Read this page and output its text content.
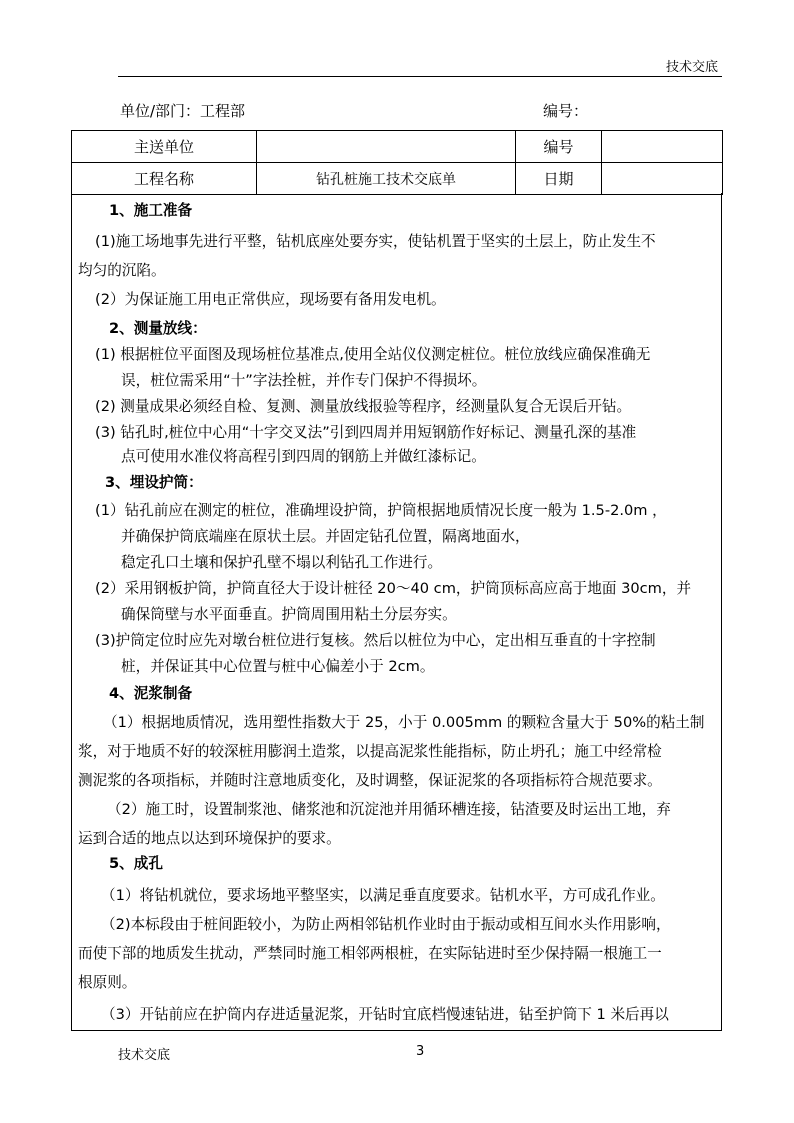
技术交底
单位/部门：工程部	编号：
主送单位		编号	
工程名称	钻孔桩施工技术交底单	日期	
1、施工准备
(1)施工场地事先进行平整，钻机底座处要夯实，使钻机置于坚实的土层上，防止发生不
均匀的沉陷。
(2）为保证施工用电正常供应，现场要有备用发电机。
2、测量放线：
(1) 根据桩位平面图及现场桩位基准点,使用全站仪仪测定桩位。桩位放线应确保准确无
误，桩位需采用“十”字法拴桩，并作专门保护不得损坏。
(2) 测量成果必须经自检、复测、测量放线报验等程序，经测量队复合无误后开钻。
(3) 钻孔时,桩位中心用“十字交叉法”引到四周并用短钢筋作好标记、测量孔深的基准
点可使用水准仪将高程引到四周的钢筋上并做红漆标记。
3、埋设护筒：
(1）钻孔前应在测定的桩位，准确埋设护筒，护筒根据地质情况长度一般为 1.5-2.0m ，
并确保护筒底端座在原状土层。并固定钻孔位置，隔离地面水，
稳定孔口土壤和保护孔壁不塌以利钻孔工作进行。
(2）采用钢板护筒，护筒直径大于设计桩径 20～40 cm，护筒顶标高应高于地面 30cm，并
确保筒壁与水平面垂直。护筒周围用粘土分层夯实。
(3)护筒定位时应先对墩台桩位进行复核。然后以桩位为中心，定出相互垂直的十字控制
桩，并保证其中心位置与桩中心偏差小于 2cm。
4、泥浆制备
（1）根据地质情况，选用塑性指数大于 25，小于 0.005mm 的颗粒含量大于 50%的粘土制
浆，对于地质不好的较深桩用膨润土造浆，以提高泥浆性能指标，防止坍孔；施工中经常检
测泥浆的各项指标，并随时注意地质变化，及时调整，保证泥浆的各项指标符合规范要求。
（2）施工时，设置制浆池、储浆池和沉淀池并用循环槽连接，钻渣要及时运出工地，弃
运到合适的地点以达到环境保护的要求。
5、成孔
（1）将钻机就位，要求场地平整坚实，以满足垂直度要求。钻机水平，方可成孔作业。
（2)本标段由于桩间距较小，为防止两相邻钻机作业时由于振动或相互间水头作用影响，
而使下部的地质发生扰动，严禁同时施工相邻两根桩，在实际钻进时至少保持隔一根施工一
根原则。
（3）开钻前应在护筒内存进适量泥浆，开钻时宜底档慢速钻进，钻至护筒下 1 米后再以
技术交底	3
